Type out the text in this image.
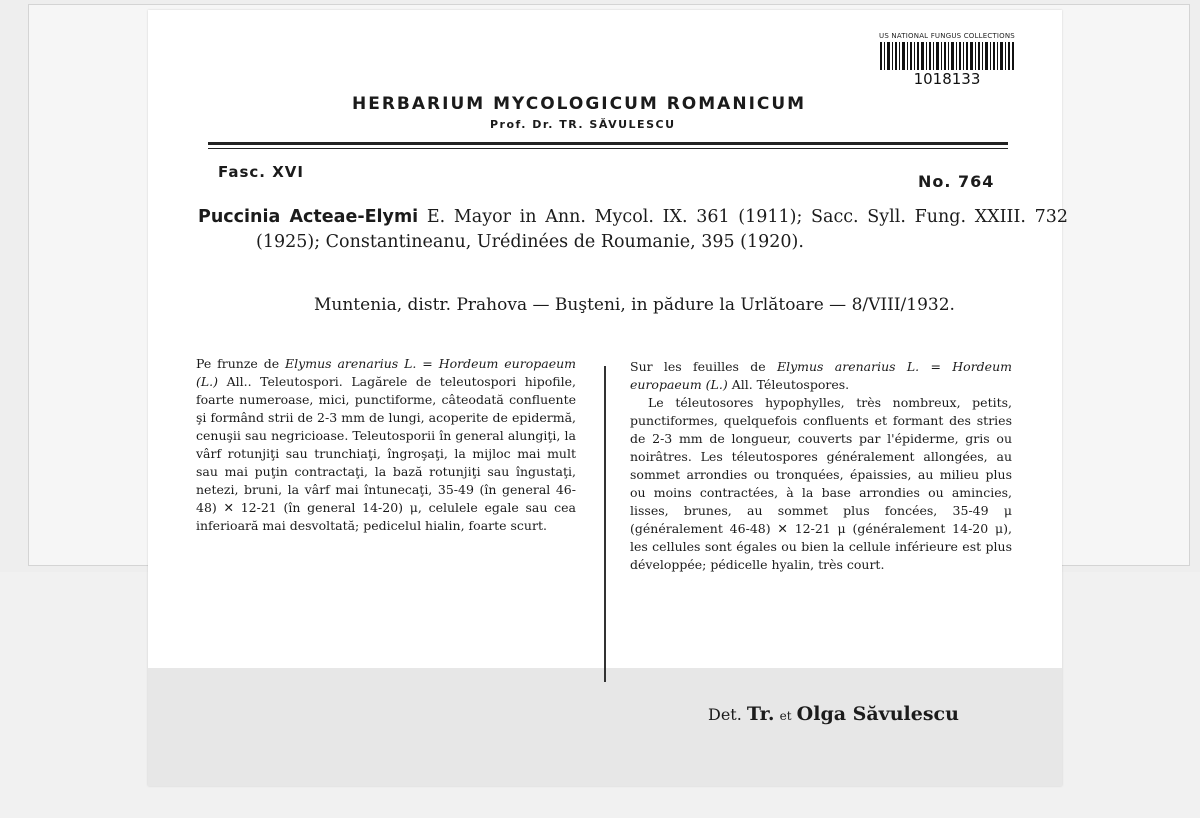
US NATIONAL FUNGUS COLLECTIONS
1018133
HERBARIUM MYCOLOGICUM ROMANICUM
Prof. Dr. TR. SĂVULESCU
Fasc. XVI	No. 764
Puccinia Acteae-Elymi E. Mayor in Ann. Mycol. IX. 361 (1911); Sacc. Syll. Fung. XXIII. 732 (1925); Constantineanu, Urédinées de Roumanie, 395 (1920).
Muntenia, distr. Prahova — Buşteni, in pădure la Urlătoare — 8/VIII/1932.

Pe frunze de Elymus arenarius L. = Hordeum europaeum (L.) All.. Teleutospori. Lagărele de teleutospori hipofile, foarte numeroase, mici, punctiforme, câteodată confluente şi formând strii de 2-3 mm de lungi, acoperite de epidermă, cenuşii sau negricioase. Teleutosporii în general alungiţi, la vârf rotunjiţi sau trunchiaţi, îngroşaţi, la mijloc mai mult sau mai puţin contractaţi, la bază rotunjiţi sau îngustaţi, netezi, bruni, la vârf mai întunecaţi, 35-49 (în general 46-48) ✕ 12-21 (în general 14-20) μ, celulele egale sau cea inferioară mai desvoltată; pedicelul hialin, foarte scurt.

Sur les feuilles de Elymus arenarius L. = Hordeum europaeum (L.) All. Téleutospores.

Le téleutosores hypophylles, très nombreux, petits, punctiformes, quelquefois confluents et formant des stries de 2-3 mm de longueur, couverts par l'épiderme, gris ou noirâtres. Les téleutospores généralement allongées, au sommet arrondies ou tronquées, épaissies, au milieu plus ou moins contractées, à la base arrondies ou amincies, lisses, brunes, au sommet plus foncées, 35-49 μ (généralement 46-48) ✕ 12-21 μ (généralement 14-20 μ), les cellules sont égales ou bien la cellule inférieure est plus développée; pédicelle hyalin, très court.

Det. Tr. et Olga Săvulescu
